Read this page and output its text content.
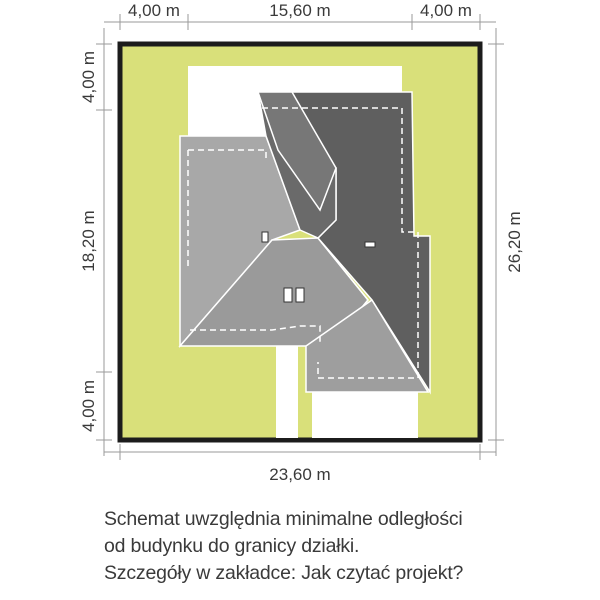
4,00 m	15,60 m	4,00 m
23,60 m
4,00 m
18,20 m
4,00 m
26,20 m
Schemat uwzględnia minimalne odległości
od budynku do granicy działki.
Szczegóły w zakładce: Jak czytać projekt?
